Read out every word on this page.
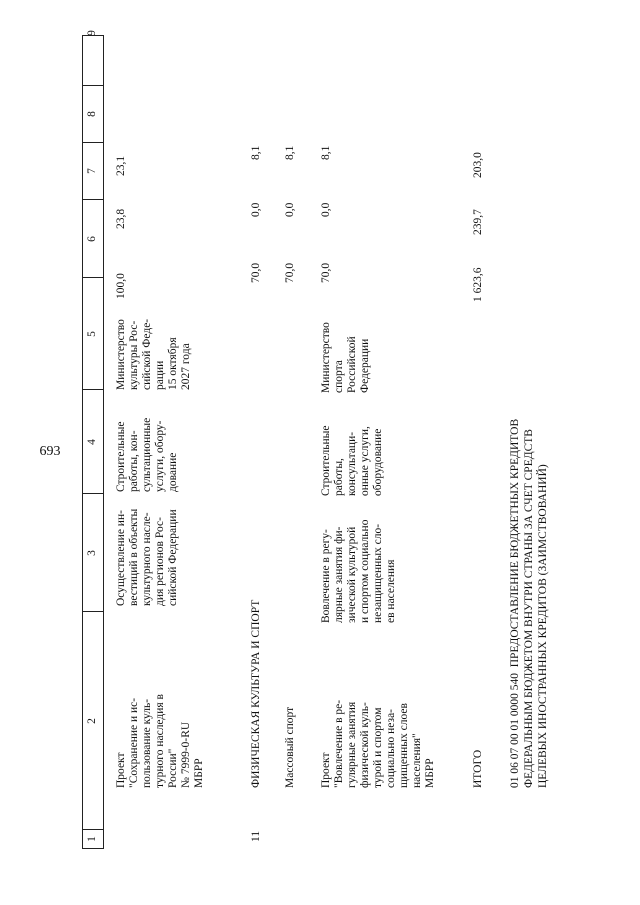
693
1
2
3
4
5
6
7
8
9
Проект
"Сохранение и ис-
пользование куль-
турного наследия в
России"
№ 7999-0-RU
МБРР
Осуществление ин-
вестиций в объекты
культурного насле-
дия регионов Рос-
сийской Федерации
Строительные
работы, кон-
сультационные
услуги, обору-
дование
Министерство
культуры Рос-
сийской Феде-
рации
15 октября
2027 года
100,0
23,8
23,1
11
ФИЗИЧЕСКАЯ КУЛЬТУРА И СПОРТ
70,0
0,0
8,1
Массовый спорт
70,0
0,0
8,1
Проект
"Вовлечение в ре-
гулярные занятия
физической куль-
турой и спортом
социально неза-
щищенных слоев
населения"
МБРР
Вовлечение в регу-
лярные занятия фи-
зической культурой
и спортом социально
незащищенных сло-
ев населения
Строительные
работы,
консультаци-
онные услуги,
оборудование
Министерство
спорта
Российской
Федерации
70,0
0,0
8,1
ИТОГО
1 623,6
239,7
203,0
01 06 07 00 01 0000 540  ПРЕДОСТАВЛЕНИЕ БЮДЖЕТНЫХ КРЕДИТОВ
ФЕДЕРАЛЬНЫМ БЮДЖЕТОМ ВНУТРИ СТРАНЫ ЗА СЧЕТ СРЕДСТВ
ЦЕЛЕВЫХ ИНОСТРАННЫХ КРЕДИТОВ (ЗАИМСТВОВАНИЙ)
